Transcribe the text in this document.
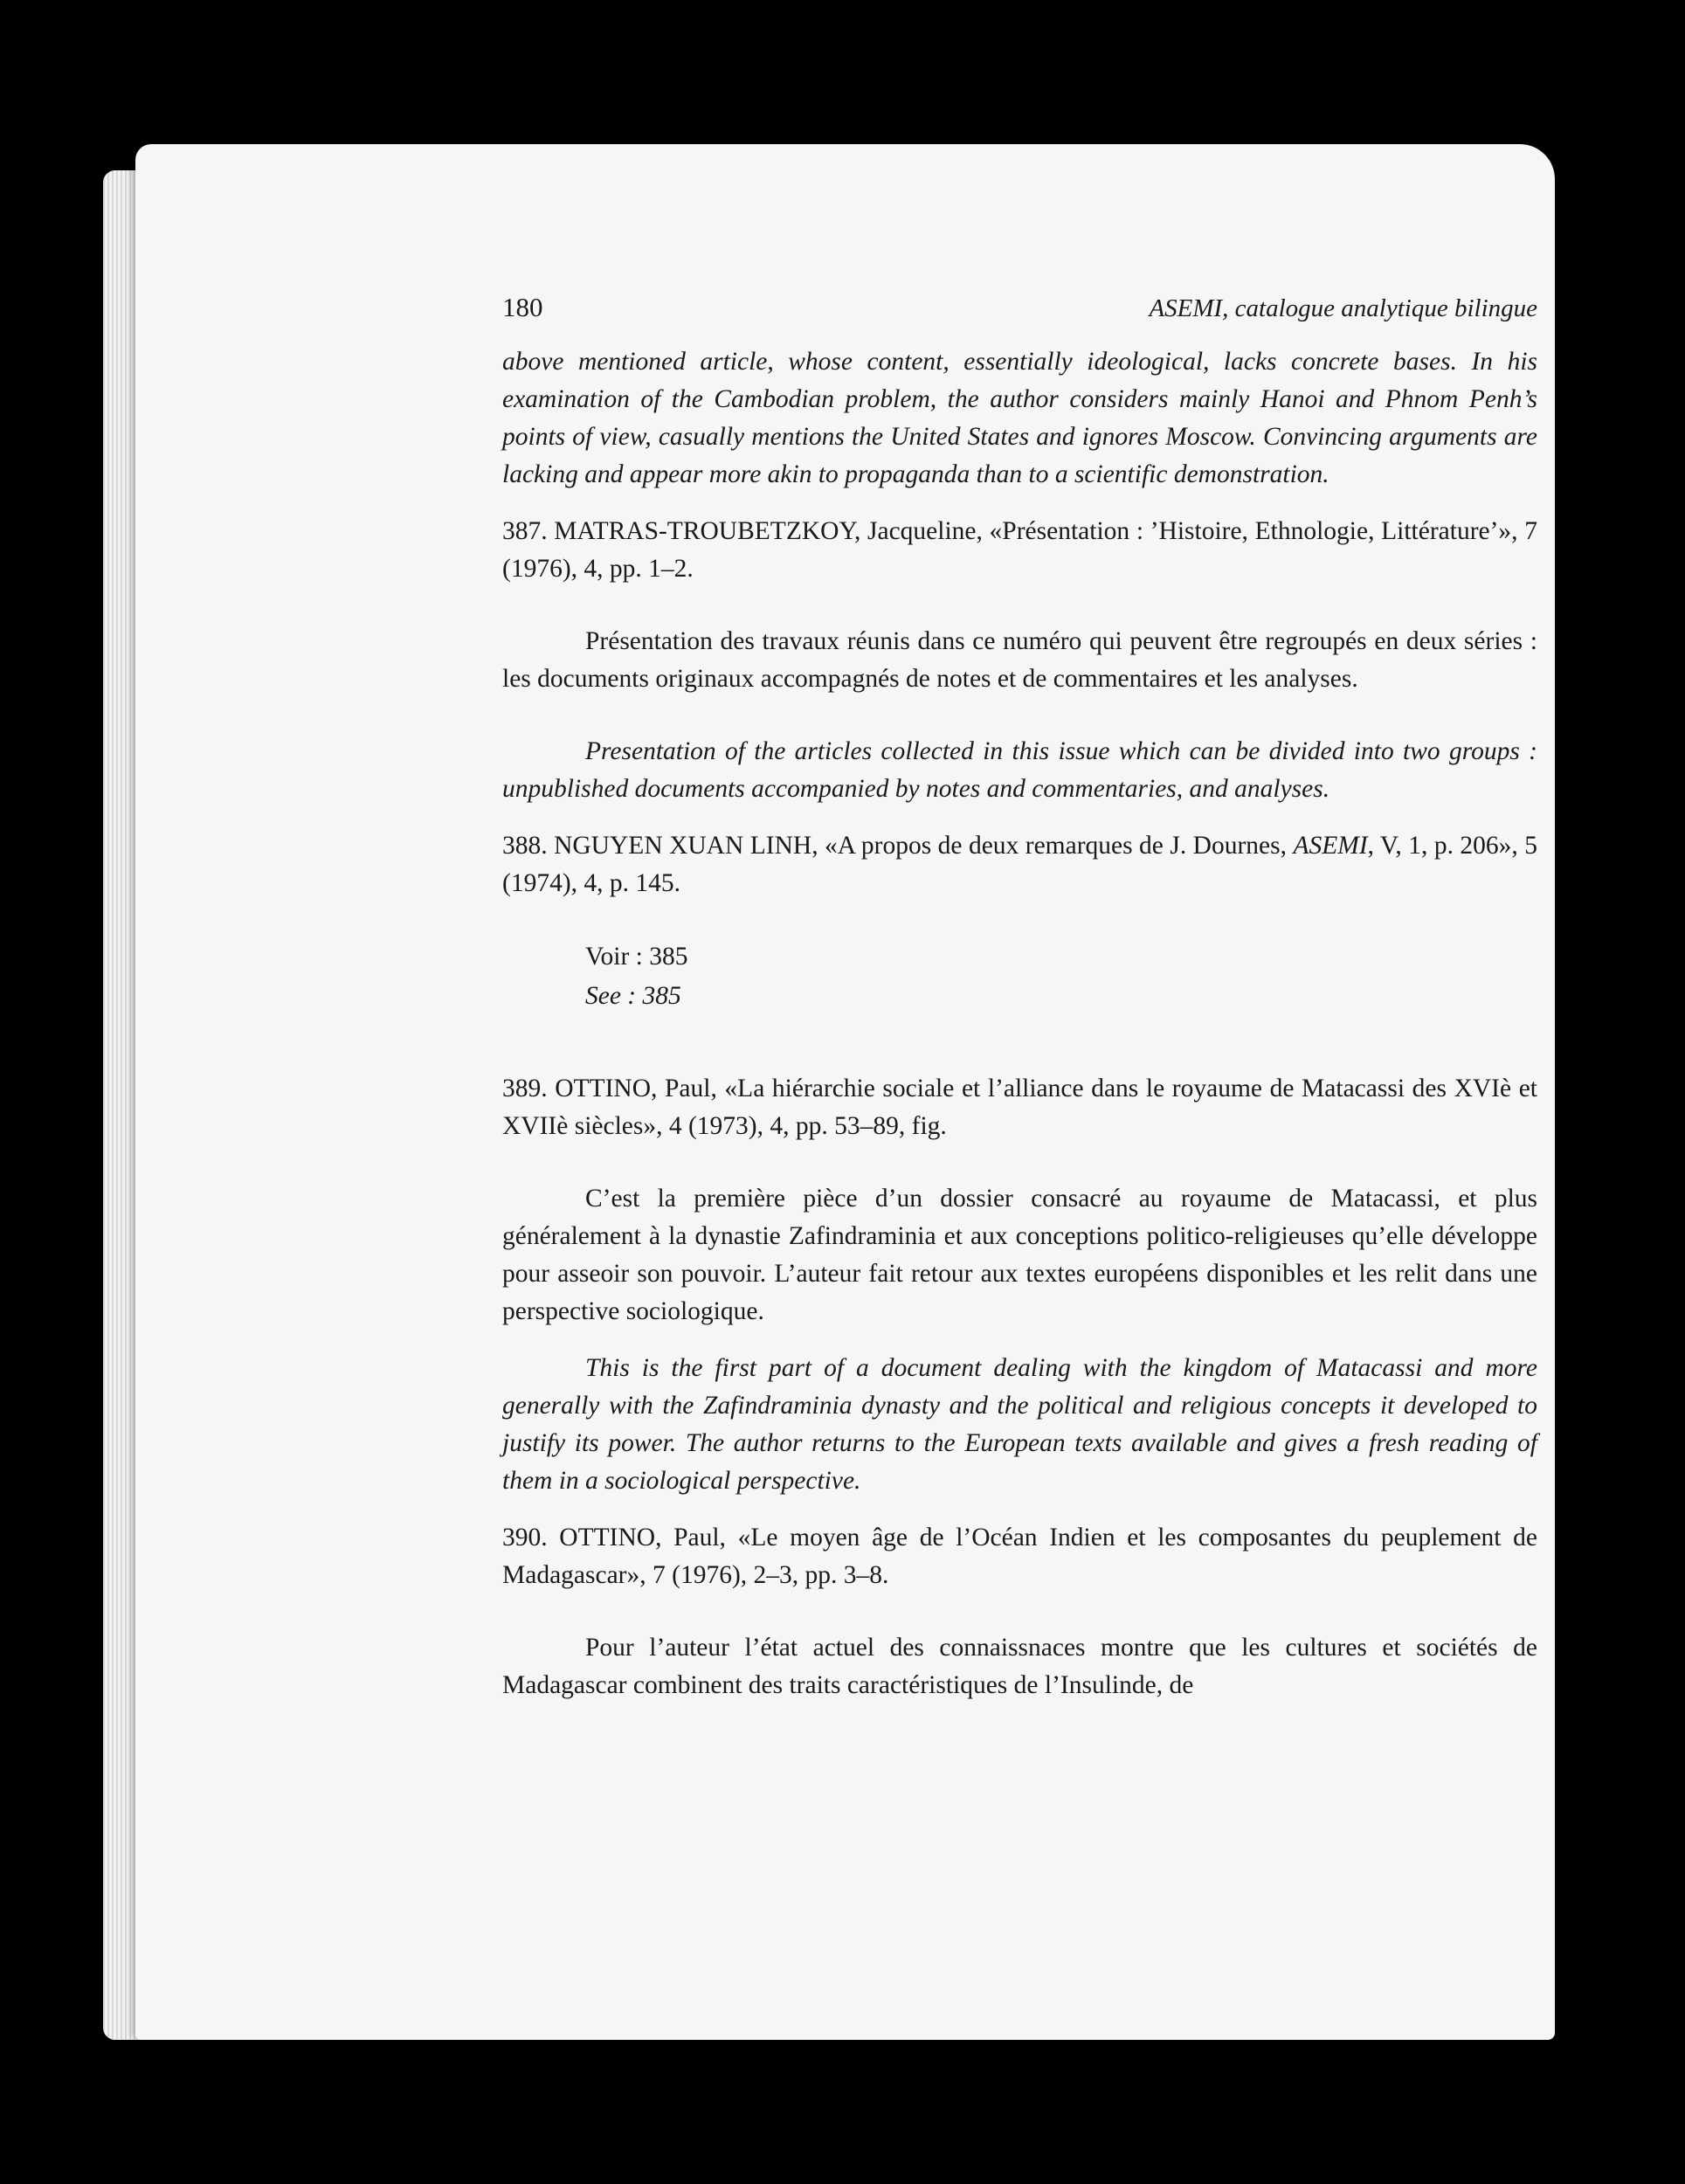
180	ASEMI, catalogue analytique bilingue

above mentioned article, whose content, essentially ideological, lacks concrete bases. In his examination of the Cambodian problem, the author considers mainly Hanoi and Phnom Penh’s points of view, casually mentions the United States and ignores Moscow. Convincing arguments are lacking and appear more akin to propaganda than to a scientific demonstration.

387. MATRAS-TROUBETZKOY, Jacqueline, «Présentation : ’Histoire, Ethnologie, Littérature’», 7 (1976), 4, pp. 1–2.

Présentation des travaux réunis dans ce numéro qui peuvent être regroupés en deux séries : les documents originaux accompagnés de notes et de commentaires et les analyses.

Presentation of the articles collected in this issue which can be divided into two groups : unpublished documents accompanied by notes and commentaries, and analyses.

388. NGUYEN XUAN LINH, «A propos de deux remarques de J. Dournes, ASEMI, V, 1, p. 206», 5 (1974), 4, p. 145.

Voir : 385
See : 385

389. OTTINO, Paul, «La hiérarchie sociale et l’alliance dans le royaume de Matacassi des XVIè et XVIIè siècles», 4 (1973), 4, pp. 53–89, fig.

C’est la première pièce d’un dossier consacré au royaume de Matacassi, et plus généralement à la dynastie Zafindraminia et aux conceptions politico-religieuses qu’elle développe pour asseoir son pouvoir. L’auteur fait retour aux textes européens disponibles et les relit dans une perspective sociologique.

This is the first part of a document dealing with the kingdom of Matacassi and more generally with the Zafindraminia dynasty and the political and religious concepts it developed to justify its power. The author returns to the European texts available and gives a fresh reading of them in a sociological perspective.

390. OTTINO, Paul, «Le moyen âge de l’Océan Indien et les composantes du peuplement de Madagascar», 7 (1976), 2–3, pp. 3–8.

Pour l’auteur l’état actuel des connaissnaces montre que les cultures et sociétés de Madagascar combinent des traits caractéristiques de l’Insulinde, de
